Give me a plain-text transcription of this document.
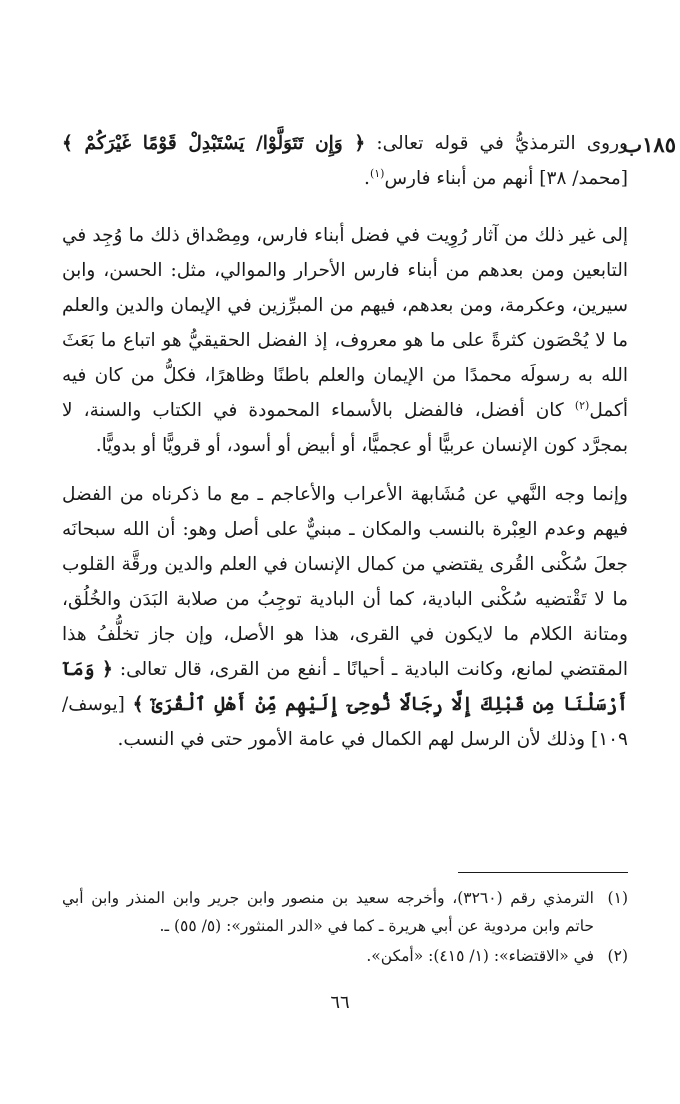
١٨٥ب

وروى الترمذيُّ في قوله تعالى: ﴿ وَإِن تَتَوَلَّوْا/ يَسْتَبْدِلْ قَوْمًا غَيْرَكُمْ ﴾ [محمد/ ٣٨] أنهم من أبناء فارس$^{(١)}$.

إلى غير ذلك من آثار رُوِيت في فضل أبناء فارس، ومِصْداق ذلك ما وُجِد في التابعين ومن بعدهم من أبناء فارس الأحرار والموالي، مثل: الحسن، وابن سيرين، وعكرمة، ومن بعدهم، فيهم من المبرِّزين في الإيمان والدين والعلم ما لا يُحْصَون كثرةً على ما هو معروف، إذ الفضل الحقيقيُّ هو اتباع ما بَعَثَ الله به رسولَه محمدًا من الإيمان والعلم باطنًا وظاهرًا، فكلُّ من كان فيه أكمل$^{(٢)}$ كان أفضل، فالفضل بالأسماء المحمودة في الكتاب والسنة، لا بمجرَّد كون الإنسان عربيًّا أو عجميًّا، أو أبيض أو أسود، أو قرويًّا أو بدويًّا.

وإنما وجه النَّهي عن مُشَابهة الأعراب والأعاجم ـ مع ما ذكرناه من الفضل فيهم وعدم العِبْرة بالنسب والمكان ـ مبنيٌّ على أصل وهو: أن الله سبحانَه جعلَ سُكْنى القُرى يقتضي من كمال الإنسان في العلم والدين ورقَّة القلوب ما لا تَقْتضيه سُكْنى البادية، كما أن البادية توجِبُ من صلابة البَدَن والخُلُق، ومتانة الكلام ما لايكون في القرى، هذا هو الأصل، وإن جاز تخلُّفُ هذا المقتضي لمانع، وكانت البادية ـ أحيانًا ـ أنفع من القرى، قال تعالى: ﴿ وَمَآ أَرْسَلْنَا مِن قَبْلِكَ إِلَّا رِجَالًا نُّوحِىٓ إِلَيْهِم مِّنْ أَهْلِ ٱلْقُرَىٰٓ ﴾ [يوسف/ ١٠٩] وذلك لأن الرسل لهم الكمال في عامة الأمور حتى في النسب.

(١)
الترمذي رقم (٣٢٦٠)، وأخرجه سعيد بن منصور وابن جرير وابن المنذر وابن أبي حاتم وابن مردوية عن أبي هريرة ـ كما في «الدر المنثور»: (٥/ ٥٥) ـ.
(٢)
في «الاقتضاء»: (١/ ٤١٥): «أمكن».
٦٦
